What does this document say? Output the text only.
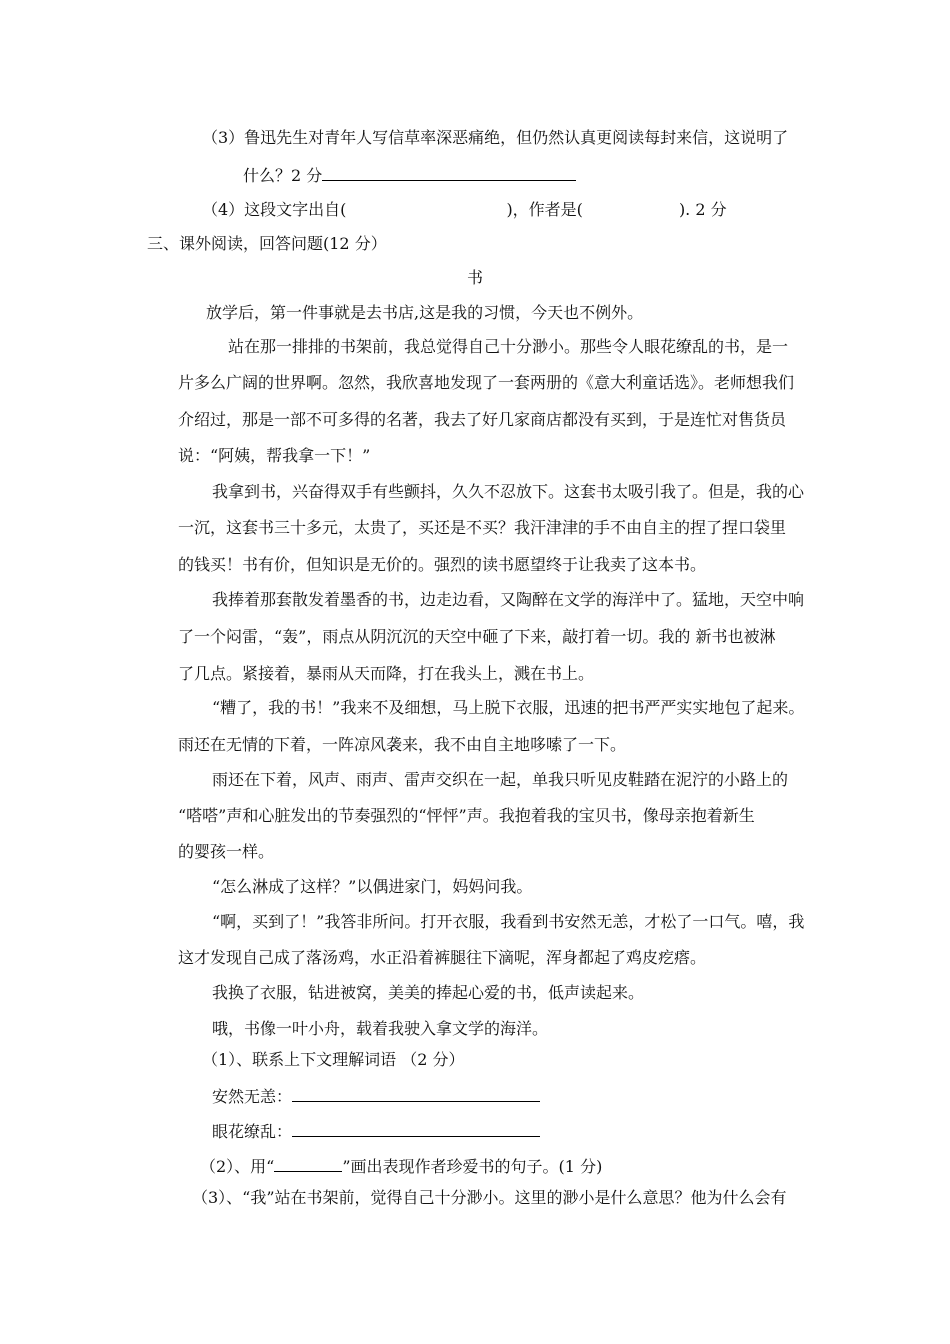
（3）鲁迅先生对青年人写信草率深恶痛绝，但仍然认真更阅读每封来信，这说明了
什么？2 分
（4）这段文字出自(	)，作者是(	). 2 分
三、课外阅读，回答问题(12 分）
书
放学后，第一件事就是去书店,这是我的习惯，今天也不例外。
站在那一排排的书架前，我总觉得自己十分渺小。那些令人眼花缭乱的书，是一
片多么广阔的世界啊。忽然，我欣喜地发现了一套两册的《意大利童话选》。老师想我们
介绍过，那是一部不可多得的名著，我去了好几家商店都没有买到，于是连忙对售货员
说：“阿姨，帮我拿一下！”
我拿到书，兴奋得双手有些颤抖，久久不忍放下。这套书太吸引我了。但是，我的心
一沉，这套书三十多元，太贵了，买还是不买？我汗津津的手不由自主的捏了捏口袋里
的钱买！书有价，但知识是无价的。强烈的读书愿望终于让我卖了这本书。
我捧着那套散发着墨香的书，边走边看，又陶醉在文学的海洋中了。猛地，天空中响
了一个闷雷，“轰”，雨点从阴沉沉的天空中砸了下来，敲打着一切。我的 新书也被淋
了几点。紧接着，暴雨从天而降，打在我头上，溅在书上。
“糟了，我的书！”我来不及细想，马上脱下衣服，迅速的把书严严实实地包了起来。
雨还在无情的下着，一阵凉风袭来，我不由自主地哆嗦了一下。
雨还在下着，风声、雨声、雷声交织在一起，单我只听见皮鞋踏在泥泞的小路上的
“嗒嗒”声和心脏发出的节奏强烈的“怦怦”声。我抱着我的宝贝书，像母亲抱着新生
的婴孩一样。
“怎么淋成了这样？”以偶进家门，妈妈问我。
“啊，买到了！”我答非所问。打开衣服，我看到书安然无恙，才松了一口气。嘻，我
这才发现自己成了落汤鸡，水正沿着裤腿往下滴呢，浑身都起了鸡皮疙瘩。
我换了衣服，钻进被窝，美美的捧起心爱的书，低声读起来。
哦，书像一叶小舟，载着我驶入拿文学的海洋。
（1）、联系上下文理解词语 （2 分）
安然无恙：
眼花缭乱：
（2）、用“	”画出表现作者珍爱书的句子。(1 分)
（3）、“我”站在书架前，觉得自己十分渺小。这里的渺小是什么意思？他为什么会有
